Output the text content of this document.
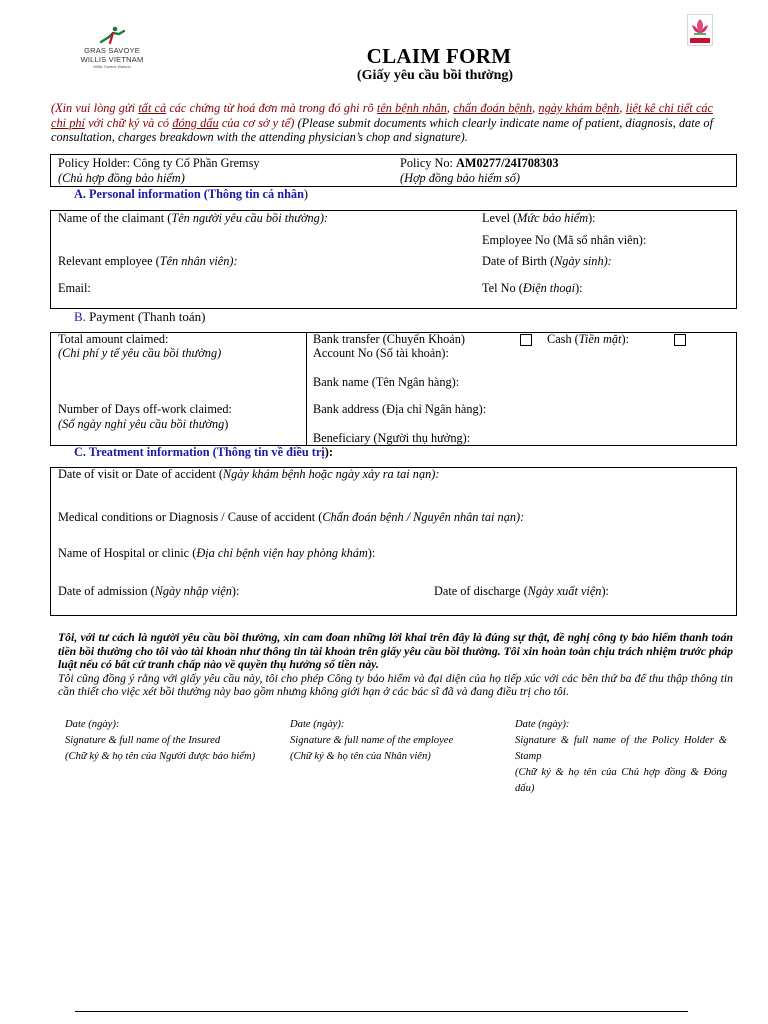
GRAS SAVOYE
WILLIS VIETNAM
Willis Towers Watson	CLAIM FORM
(Giấy yêu cầu bồi thường)
(Xin vui lòng gửi tất cả các chứng từ hoá đơn mà trong đó ghi rõ tên bệnh nhân, chẩn đoán bệnh, ngày khám bệnh, liệt kê chi tiết các chi phí với chữ ký và có đóng dấu của cơ sở y tế) (Please submit documents which clearly indicate name of patient, diagnosis, date of consultation, charges breakdown with the attending physician’s chop and signature).
Policy Holder: Công ty Cổ Phần Gremsy
(Chủ hợp đồng bảo hiểm)
Policy No: AM0277/24I708303
(Hợp đồng bảo hiểm số)
A. Personal information (Thông tin cá nhân)
Name of the claimant (Tên người yêu cầu bồi thường):	Level (Mức bảo hiểm):
Employee No (Mã số nhân viên):
Relevant employee (Tên nhân viên):	Date of Birth (Ngày sinh):
Email:	Tel No (Điện thoại):
B. Payment (Thanh toán)
Total amount claimed:
(Chi phí y tế yêu cầu bồi thường)
Number of Days off-work claimed:
(Số ngày nghỉ yêu cầu bồi thường)
Bank transfer (Chuyển Khoản)	Cash (Tiền mặt):
Account No (Số tài khoản):
Bank name (Tên Ngân hàng):
Bank address (Địa chỉ Ngân hàng):
Beneficiary (Người thụ hưởng):
C. Treatment information (Thông tin về điều trị):
Date of visit or Date of accident (Ngày khám bệnh hoặc ngày xảy ra tai nạn):
Medical conditions or Diagnosis / Cause of accident (Chẩn đoán bệnh / Nguyên nhân tai nạn):
Name of Hospital or clinic (Địa chỉ bệnh viện hay phòng khám):
Date of admission (Ngày nhập viện):	Date of discharge (Ngày xuất viện):
Tôi, với tư cách là người yêu cầu bồi thường, xin cam đoan những lời khai trên đây là đúng sự thật, đề nghị công ty bảo hiểm thanh toán tiền bồi thường cho tôi vào tài khoản như thông tin tài khoản trên giấy yêu cầu bồi thường. Tôi xin hoàn toàn chịu trách nhiệm trước pháp luật nếu có bất cứ tranh chấp nào về quyền thụ hưởng số tiền này.
Tôi cũng đồng ý rằng với giấy yêu cầu này, tôi cho phép Công ty bảo hiểm và đại diện của họ tiếp xúc với các bên thứ ba để thu thập thông tin cần thiết cho việc xét bồi thường này bao gồm nhưng không giới hạn ở các bác sĩ đã và đang điều trị cho tôi.
Date (ngày):
Signature & full name of the Insured
(Chữ ký & họ tên của Người được bảo hiểm)
Date (ngày):
Signature & full name of the employee
(Chữ ký & họ tên của Nhân viên)
Date (ngày):
Signature & full name of the Policy Holder & Stamp
(Chữ ký & họ tên của Chủ hợp đồng & Đóng dấu)
